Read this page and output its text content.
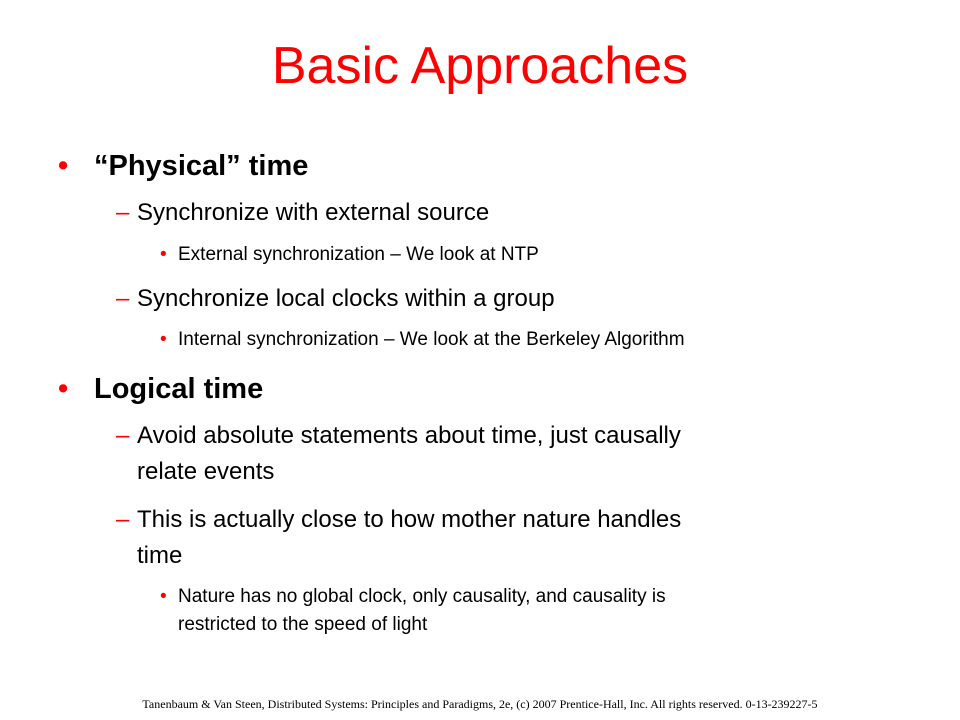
Basic Approaches
• “Physical” time
– Synchronize with external source
• External synchronization – We look at NTP
– Synchronize local clocks within a group
• Internal synchronization – We look at the Berkeley Algorithm
• Logical time
– Avoid absolute statements about time, just causally
relate events
– This is actually close to how mother nature handles
time
• Nature has no global clock, only causality, and causality is
restricted to the speed of light
Tanenbaum & Van Steen, Distributed Systems: Principles and Paradigms, 2e, (c) 2007 Prentice-Hall, Inc. All rights reserved. 0-13-239227-5
